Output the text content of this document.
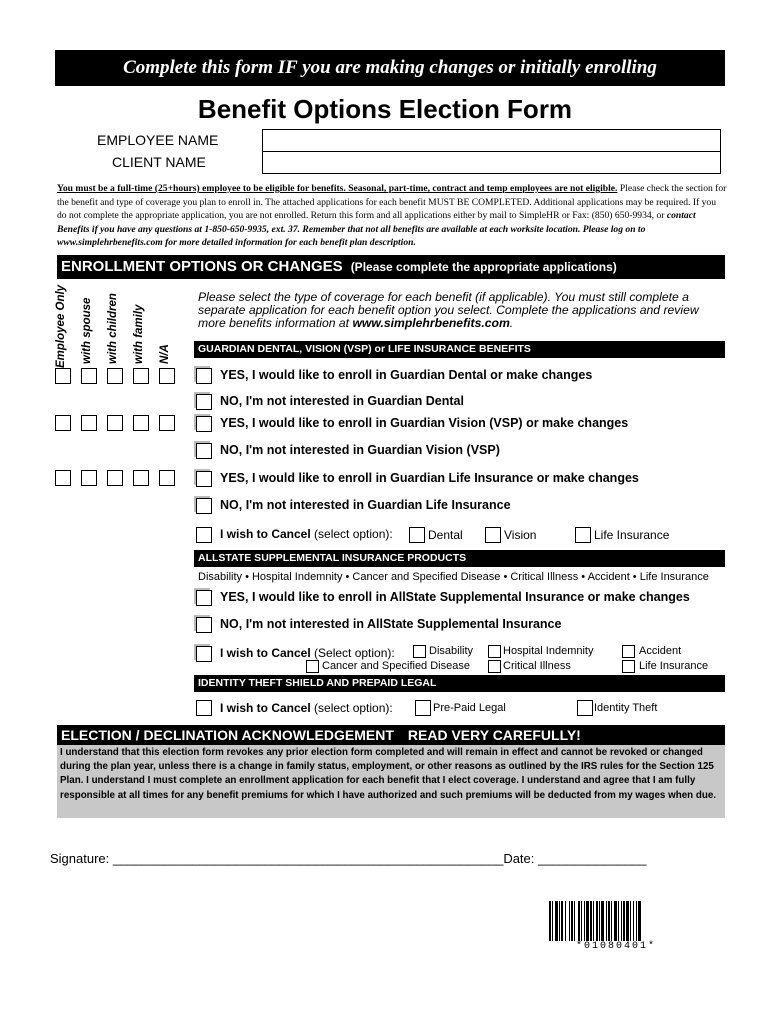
Complete this form IF you are making changes or initially enrolling
Benefit Options Election Form
EMPLOYEE NAME
CLIENT NAME
You must be a full-time (25+hours) employee to be eligible for benefits. Seasonal, part-time, contract and temp employees are not eligible. Please check the section for the benefit and type of coverage you plan to enroll in. The attached applications for each benefit MUST BE COMPLETED. Additional applications may be required. If you do not complete the appropriate application, you are not enrolled. Return this form and all applications either by mail to SimpleHR or Fax: (850) 650-9934, or contact Benefits if you have any questions at 1-850-650-9935, ext. 37. Remember that not all benefits are available at each worksite location. Please log on to www.simplehrbenefits.com for more detailed information for each benefit plan description.
ENROLLMENT OPTIONS OR CHANGES (Please complete the appropriate applications)
Employee Only with spouse with children with family N/A
Please select the type of coverage for each benefit (if applicable). You must still complete a separate application for each benefit option you select. Complete the applications and review more benefits information at www.simplehrbenefits.com.
GUARDIAN DENTAL, VISION (VSP) or LIFE INSURANCE BENEFITS
YES, I would like to enroll in Guardian Dental or make changes
NO, I'm not interested in Guardian Dental
YES, I would like to enroll in Guardian Vision (VSP) or make changes
NO, I'm not interested in Guardian Vision (VSP)
YES, I would like to enroll in Guardian Life Insurance or make changes
NO, I'm not interested in Guardian Life Insurance
I wish to Cancel (select option):	Dental	Vision	Life Insurance
ALLSTATE SUPPLEMENTAL INSURANCE PRODUCTS
Disability • Hospital Indemnity • Cancer and Specified Disease • Critical Illness • Accident • Life Insurance
YES, I would like to enroll in AllState Supplemental Insurance or make changes
NO, I'm not interested in AllState Supplemental Insurance
I wish to Cancel (Select option):	Disability	Hospital Indemnity	Accident
Cancer and Specified Disease	Critical Illness	Life Insurance
IDENTITY THEFT SHIELD AND PREPAID LEGAL
I wish to Cancel (select option):	Pre-Paid Legal	Identity Theft
ELECTION / DECLINATION ACKNOWLEDGEMENT READ VERY CAREFULLY!
I understand that this election form revokes any prior election form completed and will remain in effect and cannot be revoked or changed during the plan year, unless there is a change in family status, employment, or other reasons as outlined by the IRS rules for the Section 125 Plan. I understand I must complete an enrollment application for each benefit that I elect coverage. I understand and agree that I am fully responsible at all times for any benefit premiums for which I have authorized and such premiums will be deducted from my wages when due.
Signature: ______________________________________________________Date: _______________
*01080401*
